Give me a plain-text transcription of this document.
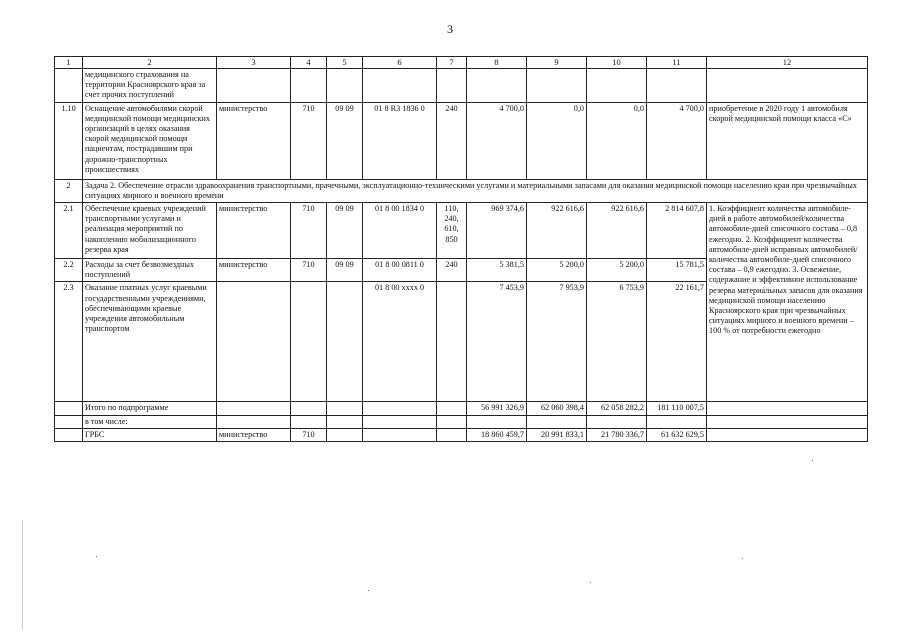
3
1	2	3	4	5	6	7	8	9	10	11	12
	медицинского страхования на территории Красноярского края за счет прочих поступлений										
1.10	Оснащение автомобилями скорой медицинской помощи медицинских организаций в целях оказания скорой медицинской помощи пациентам, пострадавшим при дорожно-транспортных происшествиях	министерство	710	09 09	01 8 R3 1836 0	240	4 700,0	0,0	0,0	4 700,0	приобретение в 2020 году 1 автомобиля скорой медицинской помощи класса «С»
2	Задача 2. Обеспечение отрасли здравоохранения транспортными, прачечными, эксплуатационно-техническими услугами и материальными запасами для оказания медицинской помощи населению края при чрезвычайных ситуациях мирного и военного времени										
2.1	Обеспечение краевых учреждений транспортными услугами и реализация мероприятий по накоплению мобилизационного резерва края	министерство	710	09 09	01 8 00 1834 0	110, 240, 610, 850	969 374,6	922 616,6	922 616,6	2 814 607,8	1. Коэффициент количества автомобиле-дней в работе автомобилей/количества автомобиле-дней списочного состава – 0,8 ежегодно. 2. Коэффициент количества автомобиле-дней исправных автомобилей/количества автомобиле-дней списочного состава – 0,9 ежегодно. 3. Освежение, содержание и эффективное использование резерва материальных запасов для оказания медицинской помощи населению Красноярского края при чрезвычайных ситуациях мирного и военного времени – 100 % от потребности ежегодно
2.2	Расходы за счет безвозмездных поступлений	министерство	710	09 09	01 8 00 0811 0	240	5 381,5	5 200,0	5 200,0	15 781,5	
2.3	Оказание платных услуг краевыми государственными учреждениями, обеспечивающими краевые учреждения автомобильным транспортом				01 8 00 xxxx 0		7 453,9	7 953,9	6 753,9	22 161,7	
	Итого по подпрограмме						56 991 326,9	62 060 398,4	62 058 282,2	181 110 007,5	
	в том числе:										
	ГРБС	министерство	710				18 860 459,7	20 991 833,1	21 780 336,7	61 632 629,5	
